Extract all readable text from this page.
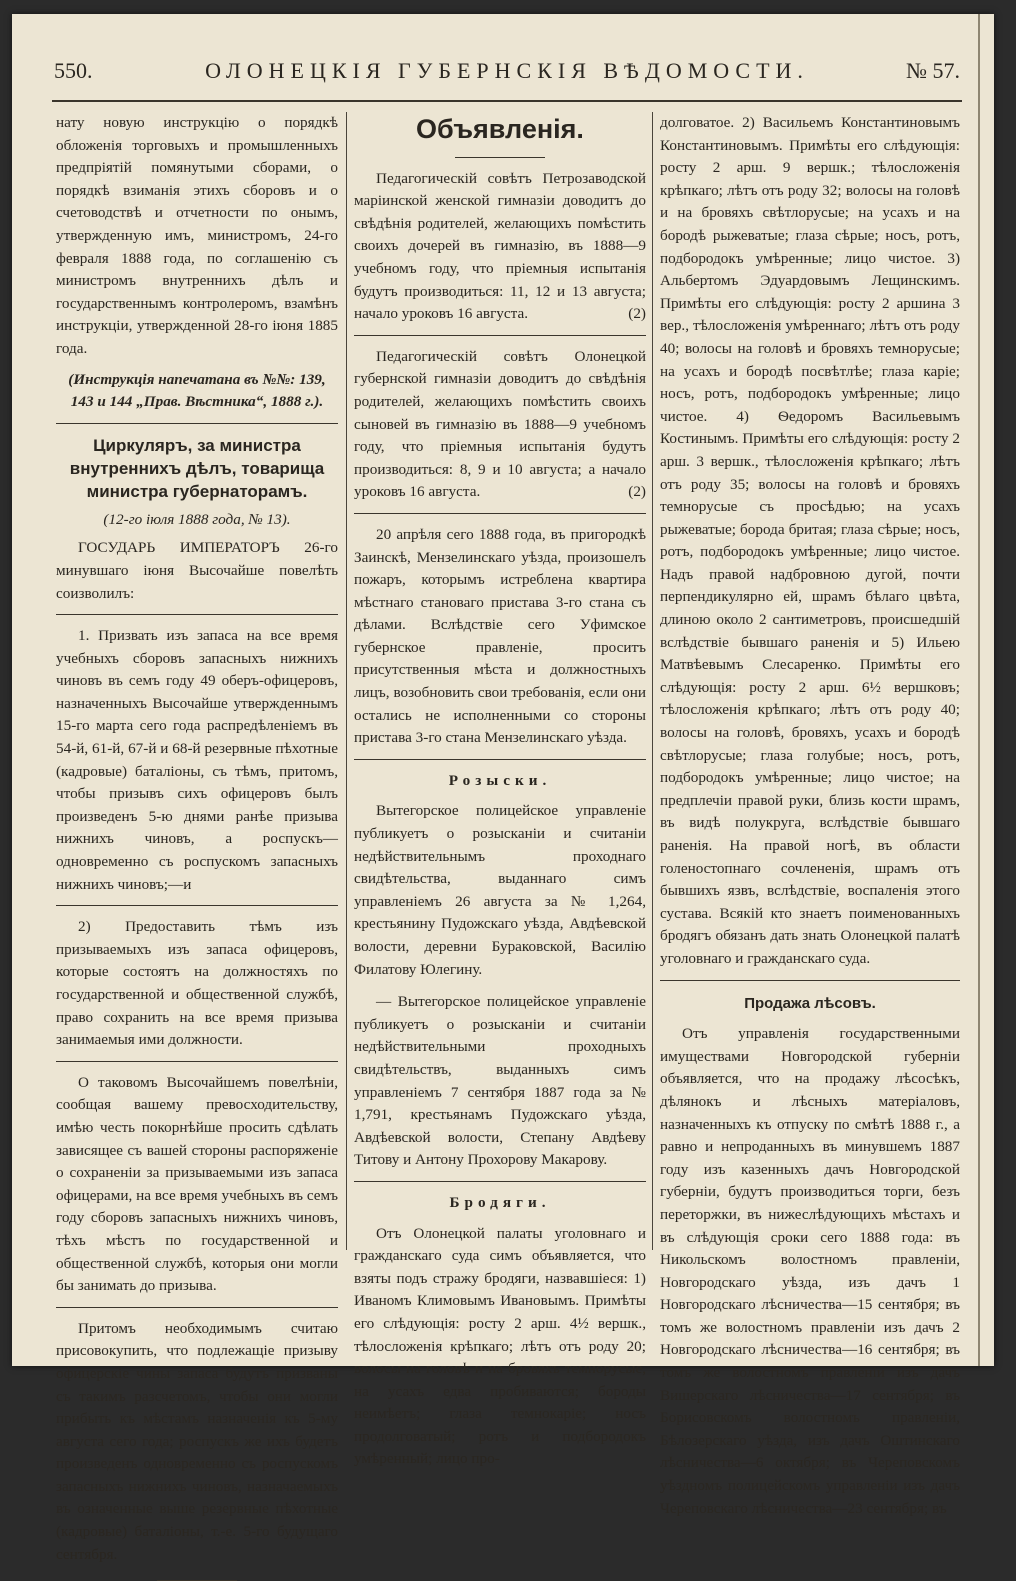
550.	ОЛОНЕЦКІЯ ГУБЕРНСКІЯ ВѢДОМОСТИ.	№ 57.

нату новую инструкцію о порядкѣ обложенія торговыхъ и промышленныхъ предпріятій помянутыми сборами, о порядкѣ взиманія этихъ сборовъ и о счетоводствѣ и отчетности по онымъ, утвержденную имъ, министромъ, 24-го февраля 1888 года, по соглашенію съ министромъ внутреннихъ дѣлъ и государственнымъ контролеромъ, взамѣнъ инструкціи, утвержденной 28-го іюня 1885 года.

(Инструкція напечатана въ №№: 139, 143 и 144 „Прав. Вѣстника“, 1888 г.).

Циркуляръ, за министра внутреннихъ дѣлъ, товарища министра губернаторамъ.

(12-го іюля 1888 года, № 13).

ГОСУДАРЬ ИМПЕРАТОРЪ 26-го минувшаго іюня Высочайше повелѣть соизволилъ:

1. Призвать изъ запаса на все время учебныхъ сборовъ запасныхъ нижнихъ чиновъ въ семъ году 49 оберъ-офицеровъ, назначенныхъ Высочайше утвержденнымъ 15-го марта сего года распредѣленіемъ въ 54-й, 61-й, 67-й и 68-й резервные пѣхотные (кадровые) баталіоны, съ тѣмъ, притомъ, чтобы призывъ сихъ офицеровъ былъ произведенъ 5-ю днями ранѣе призыва нижнихъ чиновъ, а роспускъ—одновременно съ роспускомъ запасныхъ нижнихъ чиновъ;—и

2) Предоставить тѣмъ изъ призываемыхъ изъ запаса офицеровъ, которые состоятъ на должностяхъ по государственной и общественной службѣ, право сохранить на все время призыва занимаемыя ими должности.

О таковомъ Высочайшемъ повелѣніи, сообщая вашему превосходительству, имѣю честь покорнѣйше просить сдѣлать зависящее съ вашей стороны распоряженіе о сохраненіи за призываемыми изъ запаса офицерами, на все время учебныхъ въ семъ году сборовъ запасныхъ нижнихъ чиновъ, тѣхъ мѣстъ по государственной и общественной службѣ, которыя они могли бы занимать до призыва.

Притомъ необходимымъ считаю присовокупить, что подлежащіе призыву офицерскіе чины запаса будутъ призваны съ такимъ разсчетомъ, чтобы они могли прибыть къ мѣстамъ назначенія къ 5-му августа сего года; роспускъ же ихъ будетъ произведенъ одновременно съ роспускомъ запасныхъ нижнихъ чиновъ, назначаемыхъ въ означенные выше резервные пѣхотные (кадровые) баталіоны, т.-е. 5-го будущаго сентября.

Объявленія.

Педагогическій совѣтъ Петрозаводской маріинской женской гимназіи доводитъ до свѣдѣнія родителей, желающихъ помѣстить своихъ дочерей въ гимназію, въ 1888—9 учебномъ году, что пріемныя испытанія будутъ производиться: 11, 12 и 13 августа; начало уроковъ 16 августа.	(2)

Педагогическій совѣтъ Олонецкой губернской гимназіи доводитъ до свѣдѣнія родителей, желающихъ помѣстить своихъ сыновей въ гимназію въ 1888—9 учебномъ году, что пріемныя испытанія будутъ производиться: 8, 9 и 10 августа; а начало уроковъ 16 августа.	(2)

20 апрѣля сего 1888 года, въ пригородкѣ Заинскѣ, Мензелинскаго уѣзда, произошелъ пожаръ, которымъ истреблена квартира мѣстнаго становаго пристава 3-го стана съ дѣлами. Вслѣдствіе сего Уфимское губернское правленіе, проситъ присутственныя мѣста и должностныхъ лицъ, возобновить свои требованія, если они остались не исполненными со стороны пристава 3-го стана Мензелинскаго уѣзда.

Розыски.

Вытегорское полицейское управленіе публикуетъ о розысканіи и считаніи недѣйствительнымъ проходнаго свидѣтельства, выданнаго симъ управленіемъ 26 августа за № 1,264, крестьянину Пудожскаго уѣзда, Авдѣевской волости, деревни Бураковской, Василію Филатову Юлегину.

— Вытегорское полицейское управленіе публикуетъ о розысканіи и считаніи недѣйствительными проходныхъ свидѣтельствъ, выданныхъ симъ управленіемъ 7 сентября 1887 года за № 1,791, крестьянамъ Пудожскаго уѣзда, Авдѣевской волости, Степану Авдѣеву Титову и Антону Прохорову Макарову.

Бродяги.

Отъ Олонецкой палаты уголовнаго и гражданскаго суда симъ объявляется, что взяты подъ стражу бродяги, назвавшіеся: 1) Иваномъ Климовымъ Ивановымъ. Примѣты его слѣдующія: росту 2 арш. 4½ вершк., тѣлосложенія крѣпкаго; лѣтъ отъ роду 20; волосы на головѣ и на бровяхъ темнорусые, на усахъ едва пробиваются; бороды неимѣетъ; глаза темнокаріе; носъ продолговатый; ротъ и подбородокъ умѣренный; лицо про-

долговатое. 2) Васильемъ Константиновымъ Константиновымъ. Примѣты его слѣдующія: росту 2 арш. 9 вершк.; тѣлосложенія крѣпкаго; лѣтъ отъ роду 32; волосы на головѣ и на бровяхъ свѣтлорусые; на усахъ и на бородѣ рыжеватые; глаза сѣрые; носъ, ротъ, подбородокъ умѣренные; лицо чистое. 3) Альбертомъ Эдуардовымъ Лещинскимъ. Примѣты его слѣдующія: росту 2 аршина 3 вер., тѣлосложенія умѣреннаго; лѣтъ отъ роду 40; волосы на головѣ и бровяхъ темнорусые; на усахъ и бородѣ посвѣтлѣе; глаза каріе; носъ, ротъ, подбородокъ умѣренные; лицо чистое. 4) Ѳедоромъ Васильевымъ Костинымъ. Примѣты его слѣдующія: росту 2 арш. 3 вершк., тѣлосложенія крѣпкаго; лѣтъ отъ роду 35; волосы на головѣ и бровяхъ темнорусые съ просѣдью; на усахъ рыжеватые; борода бритая; глаза сѣрые; носъ, ротъ, подбородокъ умѣренные; лицо чистое. Надъ правой надбровною дугой, почти перпендикулярно ей, шрамъ бѣлаго цвѣта, длиною около 2 сантиметровъ, происшедшій вслѣдствіе бывшаго раненія и 5) Ильею Матвѣевымъ Слесаренко. Примѣты его слѣдующія: росту 2 арш. 6½ вершковъ; тѣлосложенія крѣпкаго; лѣтъ отъ роду 40; волосы на головѣ, бровяхъ, усахъ и бородѣ свѣтлорусые; глаза голубые; носъ, ротъ, подбородокъ умѣренные; лицо чистое; на предплечіи правой руки, близь кости шрамъ, въ видѣ полукруга, вслѣдствіе бывшаго раненія. На правой ногѣ, въ области голеностопнаго сочлененія, шрамъ отъ бывшихъ язвъ, вслѣдствіе, воспаленія этого сустава. Всякій кто знаетъ поименованныхъ бродягъ обязанъ дать знать Олонецкой палатѣ уголовнаго и гражданскаго суда.

Продажа лѣсовъ.

Отъ управленія государственными имуществами Новгородской губерніи объявляется, что на продажу лѣсосѣкъ, дѣлянокъ и лѣсныхъ матеріаловъ, назначенныхъ къ отпуску по смѣтѣ 1888 г., а равно и непроданныхъ въ минувшемъ 1887 году изъ казенныхъ дачъ Новгородской губерніи, будутъ производиться торги, безъ переторжки, въ нижеслѣдующихъ мѣстахъ и въ слѣдующія сроки сего 1888 года: въ Никольскомъ волостномъ правленіи, Новгородскаго уѣзда, изъ дачъ 1 Новгородскаго лѣсничества—15 сентября; въ томъ же волостномъ правленіи изъ дачъ 2 Новгородскаго лѣсничества—16 сентября; въ томъ же волостномъ правленіи изъ дачъ Вишерскаго лѣсничества—17 сентября; въ Борисовскомъ волостномъ правленіи, Бѣлозерскаго уѣзда, изъ дачъ Оштинскаго лѣсничества—6 октября; въ Череповскомъ уѣздномъ полицейскомъ управленіи изъ дачъ Череповскаго лѣсничества—23 сентября; въ
